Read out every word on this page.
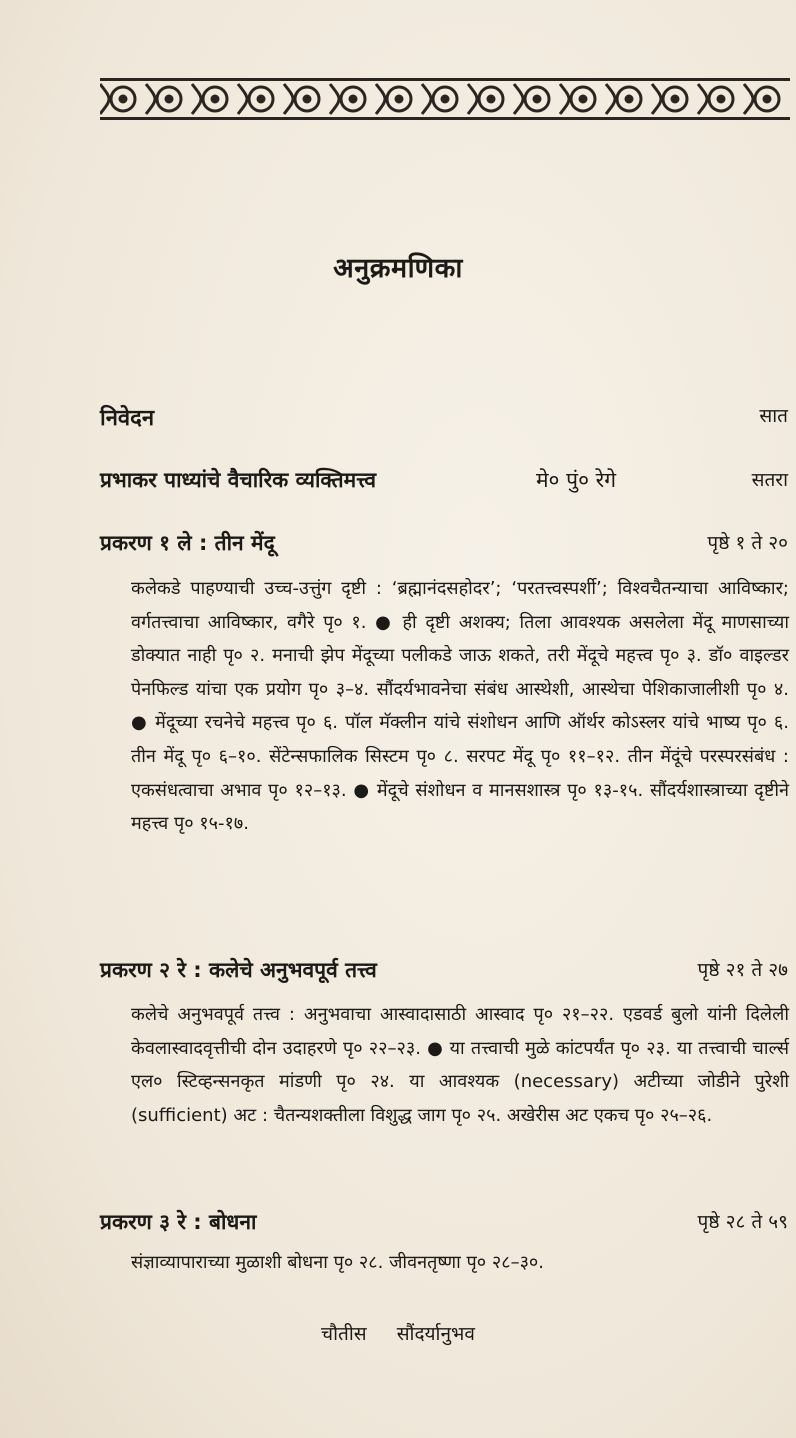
अनुक्रमणिका
निवेदन	सात
प्रभाकर पाध्यांचे वैचारिक व्यक्तिमत्त्व	मे० पुं० रेगे	सतरा
प्रकरण १ ले : तीन मेंदू	पृष्ठे १ ते २०
कलेकडे पाहण्याची उच्च-उत्तुंग दृष्टी : ‘ब्रह्मानंदसहोदर’; ‘परतत्त्वस्पर्शी’; विश्वचैतन्याचा आविष्कार; वर्गतत्त्वाचा आविष्कार, वगैरे पृ० १. ● ही दृष्टी अशक्य; तिला आवश्यक असलेला मेंदू माणसाच्या डोक्यात नाही पृ० २. मनाची झेप मेंदूच्या पलीकडे जाऊ शकते, तरी मेंदूचे महत्त्व पृ० ३. डॉ० वाइल्डर पेनफिल्ड यांचा एक प्रयोग पृ० ३–४. सौंदर्यभावनेचा संबंध आस्थेशी, आस्थेचा पेशिकाजालीशी पृ० ४. ● मेंदूच्या रचनेचे महत्त्व पृ० ६. पॉल मॅक्लीन यांचे संशोधन आणि ऑर्थर कोऽस्लर यांचे भाष्य पृ० ६. तीन मेंदू पृ० ६–१०. सेंटेन्सफालिक सिस्टम पृ० ८. सरपट मेंदू पृ० ११–१२. तीन मेंदूंचे परस्परसंबंध : एकसंधत्वाचा अभाव पृ० १२–१३. ● मेंदूचे संशोधन व मानसशास्त्र पृ० १३-१५. सौंदर्यशास्त्राच्या दृष्टीने महत्त्व पृ० १५-१७.
प्रकरण २ रे : कलेचे अनुभवपूर्व तत्त्व	पृष्ठे २१ ते २७
कलेचे अनुभवपूर्व तत्त्व : अनुभवाचा आस्वादासाठी आस्वाद पृ० २१–२२. एडवर्ड बुलो यांनी दिलेली केवलास्वादवृत्तीची दोन उदाहरणे पृ० २२–२३. ● या तत्त्वाची मुळे कांटपर्यंत पृ० २३. या तत्त्वाची चार्ल्स एल० स्टिव्हन्सनकृत मांडणी पृ० २४. या आवश्यक (necessary) अटीच्या जोडीने पुरेशी (sufficient) अट : चैतन्यशक्तीला विशुद्ध जाग पृ० २५. अखेरीस अट एकच पृ० २५–२६.
प्रकरण ३ रे : बोधना	पृष्ठे २८ ते ५९
संज्ञाव्यापाराच्या मुळाशी बोधना पृ० २८. जीवनतृष्णा पृ० २८–३०.
चौतीस सौंदर्यानुभव
